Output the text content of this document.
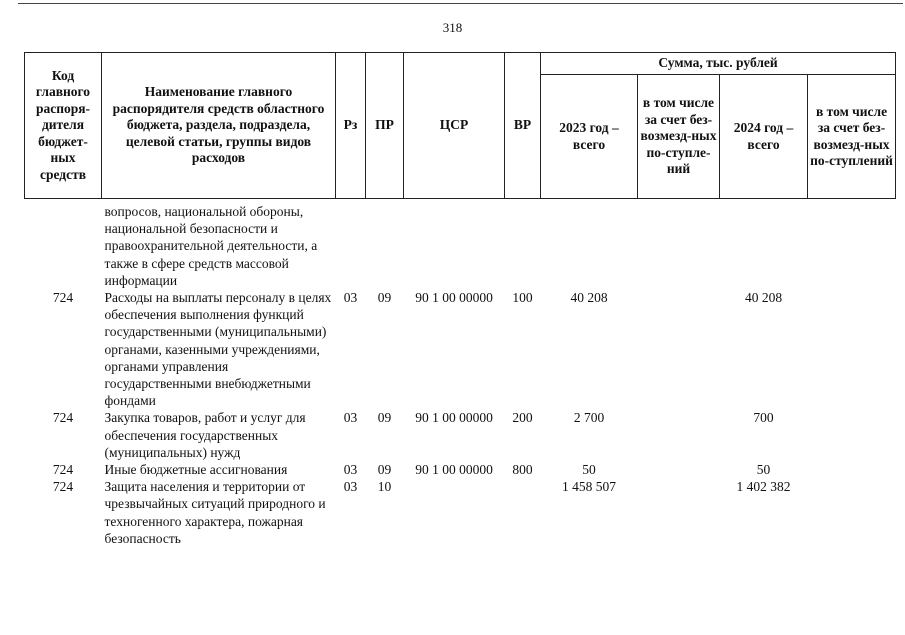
318
Код главного распоря-дителя бюджет-ных средств	Наименование главного распорядителя средств областного бюджета, раздела, подраздела, целевой статьи, группы видов расходов	Рз	ПР	ЦСР	ВР	Сумма, тыс. рублей			
						2023 год – всего	в том числе за счет без-возмезд-ных по-ступле-ний	2024 год – всего	в том числе за счет без-возмезд-ных по-ступлений

	вопросов, национальной обороны, национальной безопасности и правоохранительной деятельности, а также в сфере средств массовой информации								
724	Расходы на выплаты персоналу в целях обеспечения выполнения функций государственными (муниципальными) органами, казенными учреждениями, органами управления государственными внебюджетными фондами	03	09	90 1 00 00000	100	40 208		40 208	
724	Закупка товаров, работ и услуг для обеспечения государственных (муниципальных) нужд	03	09	90 1 00 00000	200	2 700		700	
724	Иные бюджетные ассигнования	03	09	90 1 00 00000	800	50		50	
724	Защита населения и территории от чрезвычайных ситуаций природного и техногенного характера, пожарная безопасность	03	10			1 458 507		1 402 382	
